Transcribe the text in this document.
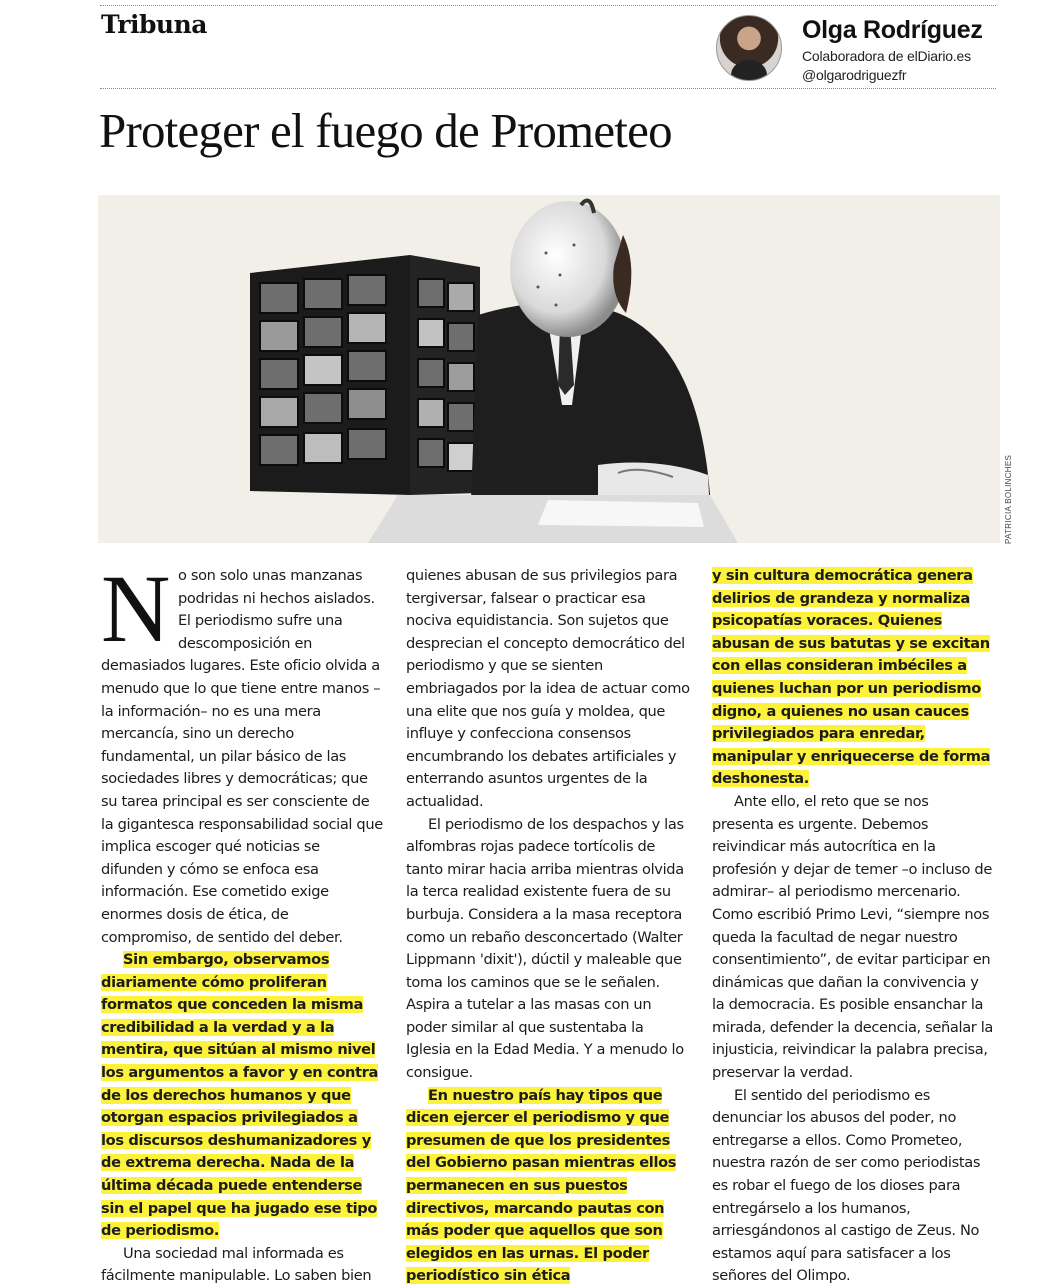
Tribuna	Olga Rodríguez
Colaboradora de elDiario.es
@olgarodriguezfr
Proteger el fuego de Prometeo
PATRICIA BOLINCHES
N o son solo unas manzanas podridas ni hechos aislados. El periodismo sufre una descomposición en demasiados lugares. Este oficio olvida a menudo que lo que tiene entre manos –la información– no es una mera mercancía, sino un derecho fundamental, un pilar básico de las sociedades libres y democráticas; que su tarea principal es ser consciente de la gigantesca responsabilidad social que implica escoger qué noticias se difunden y cómo se enfoca esa información. Ese cometido exige enormes dosis de ética, de compromiso, de sentido del deber.

Sin embargo, observamos diariamente cómo proliferan formatos que conceden la misma credibilidad a la verdad y a la mentira, que sitúan al mismo nivel los argumentos a favor y en contra de los derechos humanos y que otorgan espacios privilegiados a los discursos deshumanizadores y de extrema derecha. Nada de la última década puede entenderse sin el papel que ha jugado ese tipo de periodismo.

Una sociedad mal informada es fácilmente manipulable. Lo saben bien

quienes abusan de sus privilegios para tergiversar, falsear o practicar esa nociva equidistancia. Son sujetos que desprecian el concepto democrático del periodismo y que se sienten embriagados por la idea de actuar como una elite que nos guía y moldea, que influye y confecciona consensos encumbrando los debates artificiales y enterrando asuntos urgentes de la actualidad.

El periodismo de los despachos y las alfombras rojas padece tortícolis de tanto mirar hacia arriba mientras olvida la terca realidad existente fuera de su burbuja. Considera a la masa receptora como un rebaño desconcertado (Walter Lippmann 'dixit'), dúctil y maleable que toma los caminos que se le señalen. Aspira a tutelar a las masas con un poder similar al que sustentaba la Iglesia en la Edad Media. Y a menudo lo consigue.

En nuestro país hay tipos que dicen ejercer el periodismo y que presumen de que los presidentes del Gobierno pasan mientras ellos permanecen en sus puestos directivos, marcando pautas con más poder que aquellos que son elegidos en las urnas. El poder periodístico sin ética

y sin cultura democrática genera delirios de grandeza y normaliza psicopatías voraces. Quienes abusan de sus batutas y se excitan con ellas consideran imbéciles a quienes luchan por un periodismo digno, a quienes no usan cauces privilegiados para enredar, manipular y enriquecerse de forma deshonesta.

Ante ello, el reto que se nos presenta es urgente. Debemos reivindicar más autocrítica en la profesión y dejar de temer –o incluso de admirar– al periodismo mercenario. Como escribió Primo Levi, “siempre nos queda la facultad de negar nuestro consentimiento”, de evitar participar en dinámicas que dañan la convivencia y la democracia. Es posible ensanchar la mirada, defender la decencia, señalar la injusticia, reivindicar la palabra precisa, preservar la verdad.

El sentido del periodismo es denunciar los abusos del poder, no entregarse a ellos. Como Prometeo, nuestra razón de ser como periodistas es robar el fuego de los dioses para entregárselo a los humanos, arriesgándonos al castigo de Zeus. No estamos aquí para satisfacer a los señores del Olimpo.
